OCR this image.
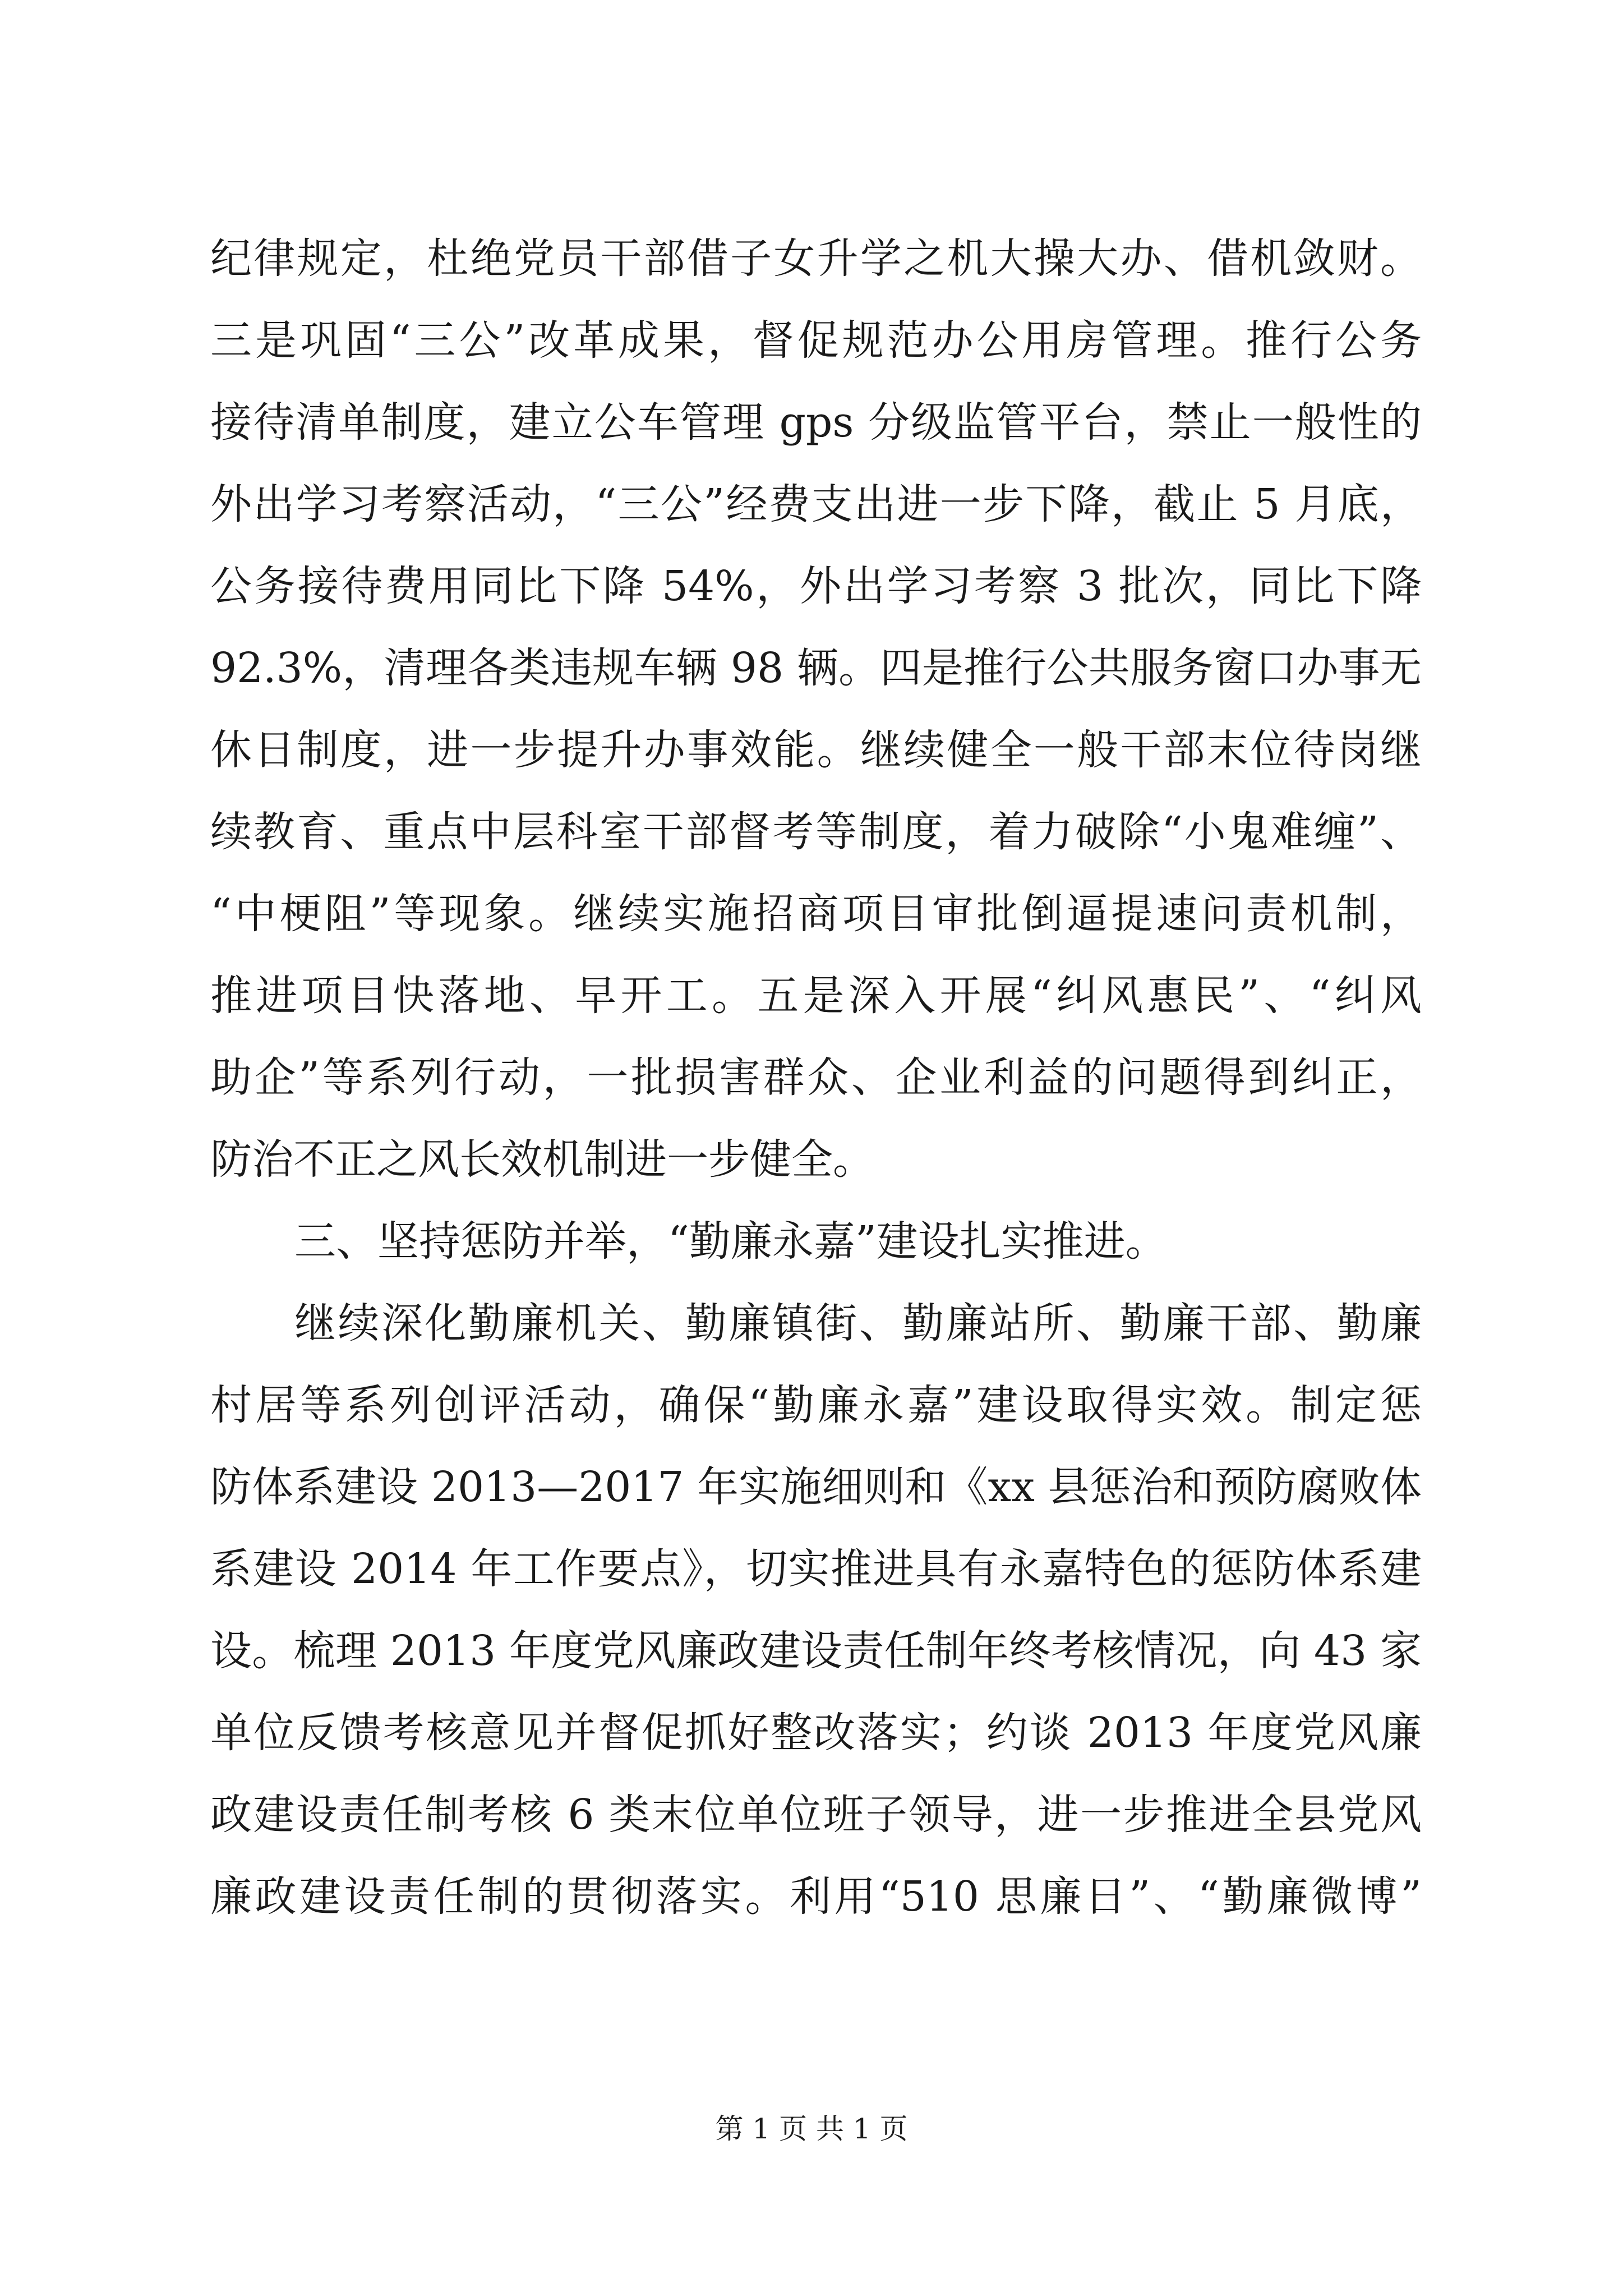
纪律规定，杜绝党员干部借子女升学之机大操大办、借机敛财。
三是巩固“三公”改革成果，督促规范办公用房管理。推行公务
接待清单制度，建立公车管理 gps 分级监管平台，禁止一般性的
外出学习考察活动，“三公”经费支出进一步下降，截止 5 月底，
公务接待费用同比下降 54%，外出学习考察 3 批次，同比下降
92.3%，清理各类违规车辆 98 辆。四是推行公共服务窗口办事无
休日制度，进一步提升办事效能。继续健全一般干部末位待岗继
续教育、重点中层科室干部督考等制度，着力破除“小鬼难缠”、
“中梗阻”等现象。继续实施招商项目审批倒逼提速问责机制，
推进项目快落地、早开工。五是深入开展“纠风惠民”、“纠风
助企”等系列行动，一批损害群众、企业利益的问题得到纠正，
防治不正之风长效机制进一步健全。
三、坚持惩防并举，“勤廉永嘉”建设扎实推进。
继续深化勤廉机关、勤廉镇街、勤廉站所、勤廉干部、勤廉
村居等系列创评活动，确保“勤廉永嘉”建设取得实效。制定惩
防体系建设 2013—2017 年实施细则和《xx 县惩治和预防腐败体
系建设 2014 年工作要点》，切实推进具有永嘉特色的惩防体系建
设。梳理 2013 年度党风廉政建设责任制年终考核情况，向 43 家
单位反馈考核意见并督促抓好整改落实；约谈 2013 年度党风廉
政建设责任制考核 6 类末位单位班子领导，进一步推进全县党风
廉政建设责任制的贯彻落实。利用“510 思廉日”、“勤廉微博”
第 1 页 共 1 页
